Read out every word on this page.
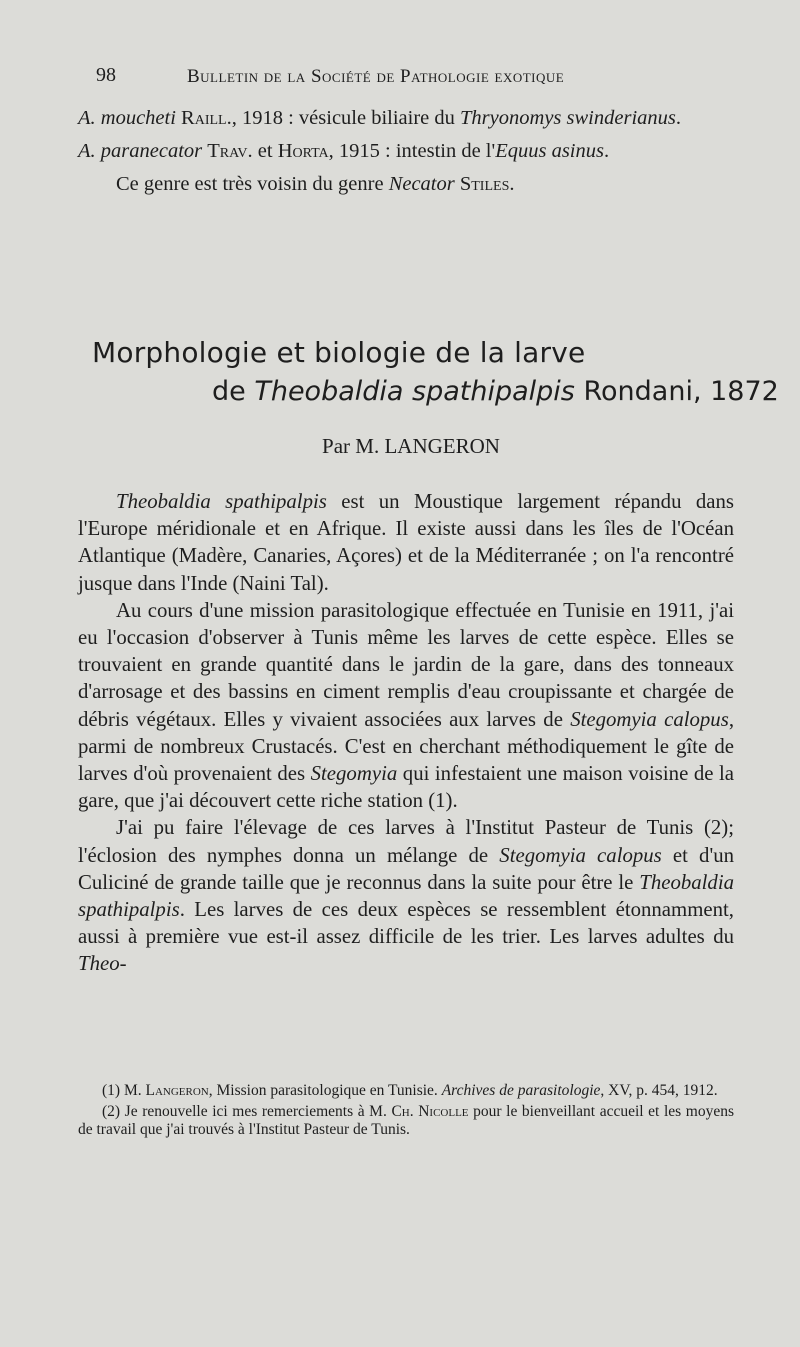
98	Bulletin de la Société de Pathologie exotique

A. moucheti Raill., 1918 : vésicule biliaire du Thryonomys swinderianus.

A. paranecator Trav. et Horta, 1915 : intestin de l'Equus asinus.

Ce genre est très voisin du genre Necator Stiles.

Morphologie et biologie de la larve
de Theobaldia spathipalpis Rondani, 1872
Par M. LANGERON

Theobaldia spathipalpis est un Moustique largement répandu dans l'Europe méridionale et en Afrique. Il existe aussi dans les îles de l'Océan Atlantique (Madère, Canaries, Açores) et de la Méditerranée ; on l'a rencontré jusque dans l'Inde (Naini Tal).

Au cours d'une mission parasitologique effectuée en Tunisie en 1911, j'ai eu l'occasion d'observer à Tunis même les larves de cette espèce. Elles se trouvaient en grande quantité dans le jardin de la gare, dans des tonneaux d'arrosage et des bassins en ciment remplis d'eau croupissante et chargée de débris végétaux. Elles y vivaient associées aux larves de Stegomyia calopus, parmi de nombreux Crustacés. C'est en cherchant méthodiquement le gîte de larves d'où provenaient des Stegomyia qui infestaient une maison voisine de la gare, que j'ai découvert cette riche station (1).

J'ai pu faire l'élevage de ces larves à l'Institut Pasteur de Tunis (2); l'éclosion des nymphes donna un mélange de Stegomyia calopus et d'un Culiciné de grande taille que je reconnus dans la suite pour être le Theobaldia spathipalpis. Les larves de ces deux espèces se ressemblent étonnamment, aussi à première vue est-il assez difficile de les trier. Les larves adultes du Theo-

(1) M. Langeron, Mission parasitologique en Tunisie. Archives de parasitologie, XV, p. 454, 1912.

(2) Je renouvelle ici mes remerciements à M. Ch. Nicolle pour le bienveillant accueil et les moyens de travail que j'ai trouvés à l'Institut Pasteur de Tunis.
